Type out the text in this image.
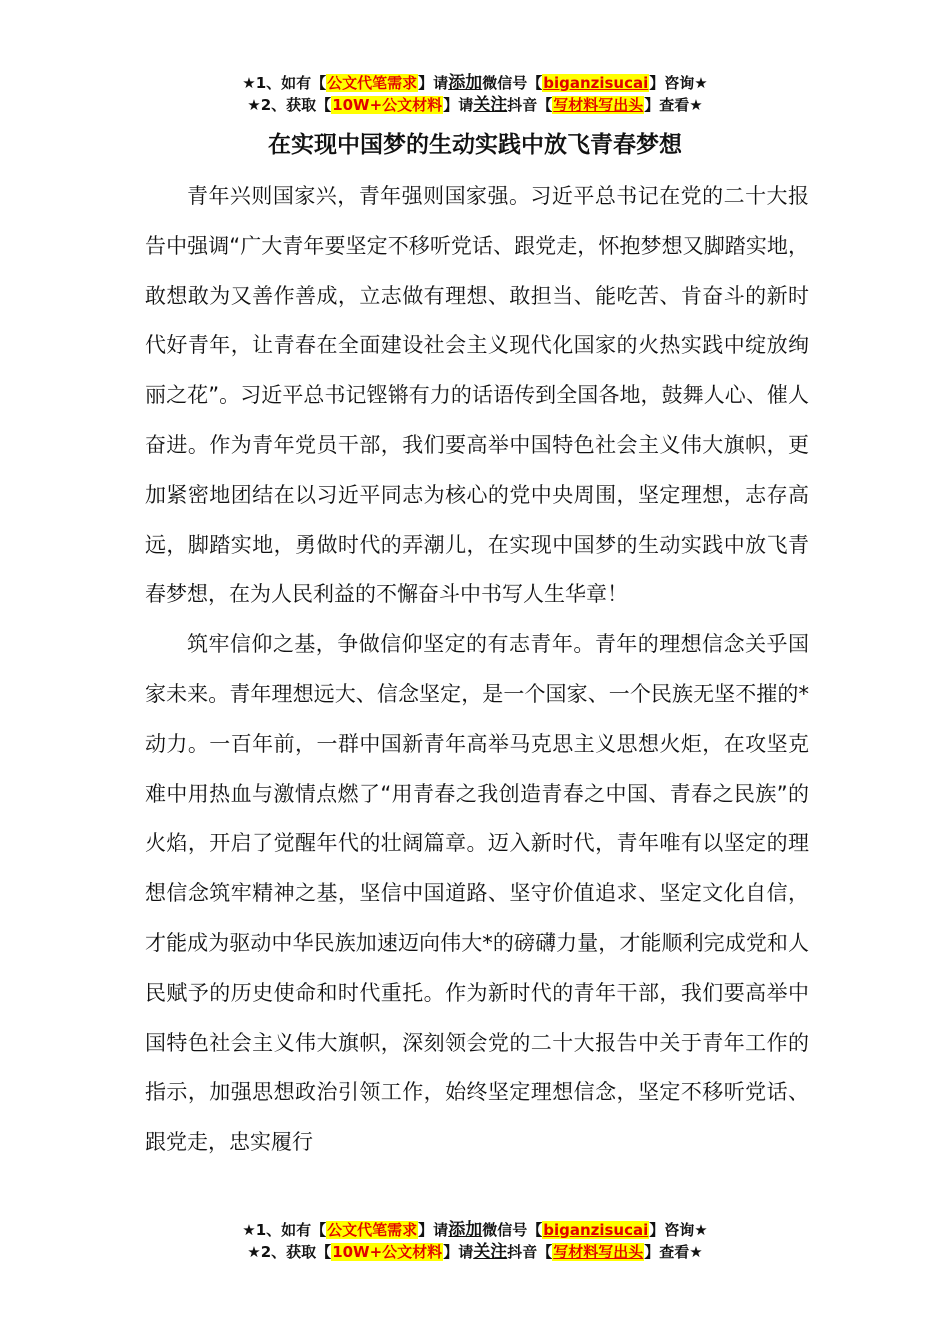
★1、如有【公文代笔需求】请添加微信号【biganzisucai】咨询★
★2、获取【10W+公文材料】请关注抖音【写材料写出头】查看★
在实现中国梦的生动实践中放飞青春梦想

青年兴则国家兴，青年强则国家强。习近平总书记在党的二十大报告中强调“广大青年要坚定不移听党话、跟党走，怀抱梦想又脚踏实地，敢想敢为又善作善成，立志做有理想、敢担当、能吃苦、肯奋斗的新时代好青年，让青春在全面建设社会主义现代化国家的火热实践中绽放绚丽之花”。习近平总书记铿锵有力的话语传到全国各地，鼓舞人心、催人奋进。作为青年党员干部，我们要高举中国特色社会主义伟大旗帜，更加紧密地团结在以习近平同志为核心的党中央周围，坚定理想，志存高远，脚踏实地，勇做时代的弄潮儿，在实现中国梦的生动实践中放飞青春梦想，在为人民利益的不懈奋斗中书写人生华章！

筑牢信仰之基，争做信仰坚定的有志青年。青年的理想信念关乎国家未来。青年理想远大、信念坚定，是一个国家、一个民族无坚不摧的*动力。一百年前，一群中国新青年高举马克思主义思想火炬，在攻坚克难中用热血与激情点燃了“用青春之我创造青春之中国、青春之民族”的火焰，开启了觉醒年代的壮阔篇章。迈入新时代，青年唯有以坚定的理想信念筑牢精神之基，坚信中国道路、坚守价值追求、坚定文化自信，才能成为驱动中华民族加速迈向伟大*的磅礴力量，才能顺利完成党和人民赋予的历史使命和时代重托。作为新时代的青年干部，我们要高举中国特色社会主义伟大旗帜，深刻领会党的二十大报告中关于青年工作的指示，加强思想政治引领工作，始终坚定理想信念，坚定不移听党话、跟党走，忠实履行

★1、如有【公文代笔需求】请添加微信号【biganzisucai】咨询★
★2、获取【10W+公文材料】请关注抖音【写材料写出头】查看★
